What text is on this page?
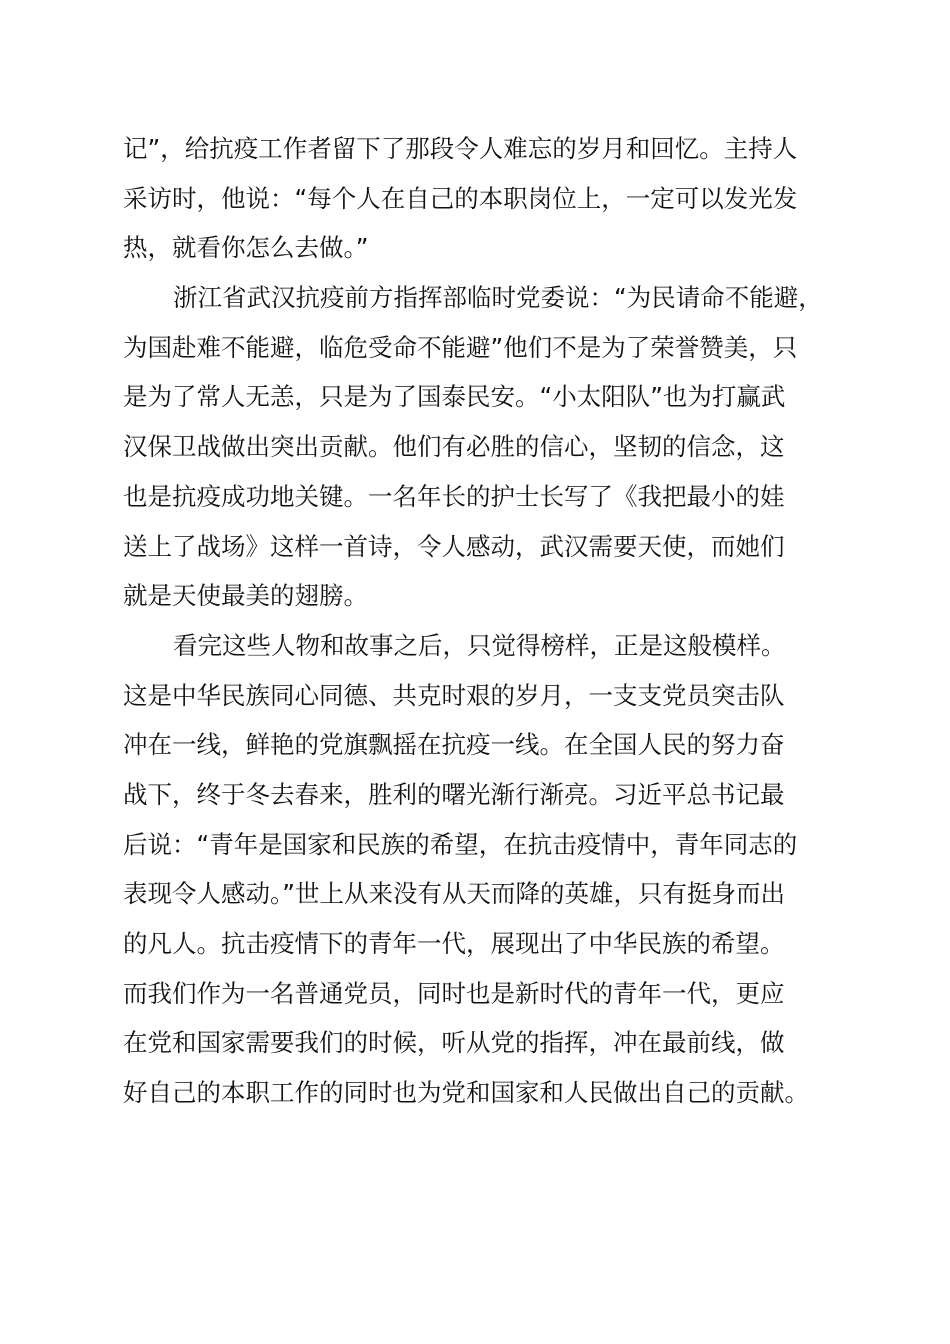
记”，给抗疫工作者留下了那段令人难忘的岁月和回忆。主持人
采访时，他说：“每个人在自己的本职岗位上，一定可以发光发
热，就看你怎么去做。”
浙江省武汉抗疫前方指挥部临时党委说：“为民请命不能避，
为国赴难不能避，临危受命不能避”他们不是为了荣誉赞美，只
是为了常人无恙，只是为了国泰民安。“小太阳队”也为打赢武
汉保卫战做出突出贡献。他们有必胜的信心，坚韧的信念，这
也是抗疫成功地关键。一名年长的护士长写了《我把最小的娃
送上了战场》这样一首诗，令人感动，武汉需要天使，而她们
就是天使最美的翅膀。
看完这些人物和故事之后，只觉得榜样，正是这般模样。
这是中华民族同心同德、共克时艰的岁月，一支支党员突击队
冲在一线，鲜艳的党旗飘摇在抗疫一线。在全国人民的努力奋
战下，终于冬去春来，胜利的曙光渐行渐亮。习近平总书记最
后说：“青年是国家和民族的希望，在抗击疫情中，青年同志的
表现令人感动。”世上从来没有从天而降的英雄，只有挺身而出
的凡人。抗击疫情下的青年一代，展现出了中华民族的希望。
而我们作为一名普通党员，同时也是新时代的青年一代，更应
在党和国家需要我们的时候，听从党的指挥，冲在最前线，做
好自己的本职工作的同时也为党和国家和人民做出自己的贡献。
